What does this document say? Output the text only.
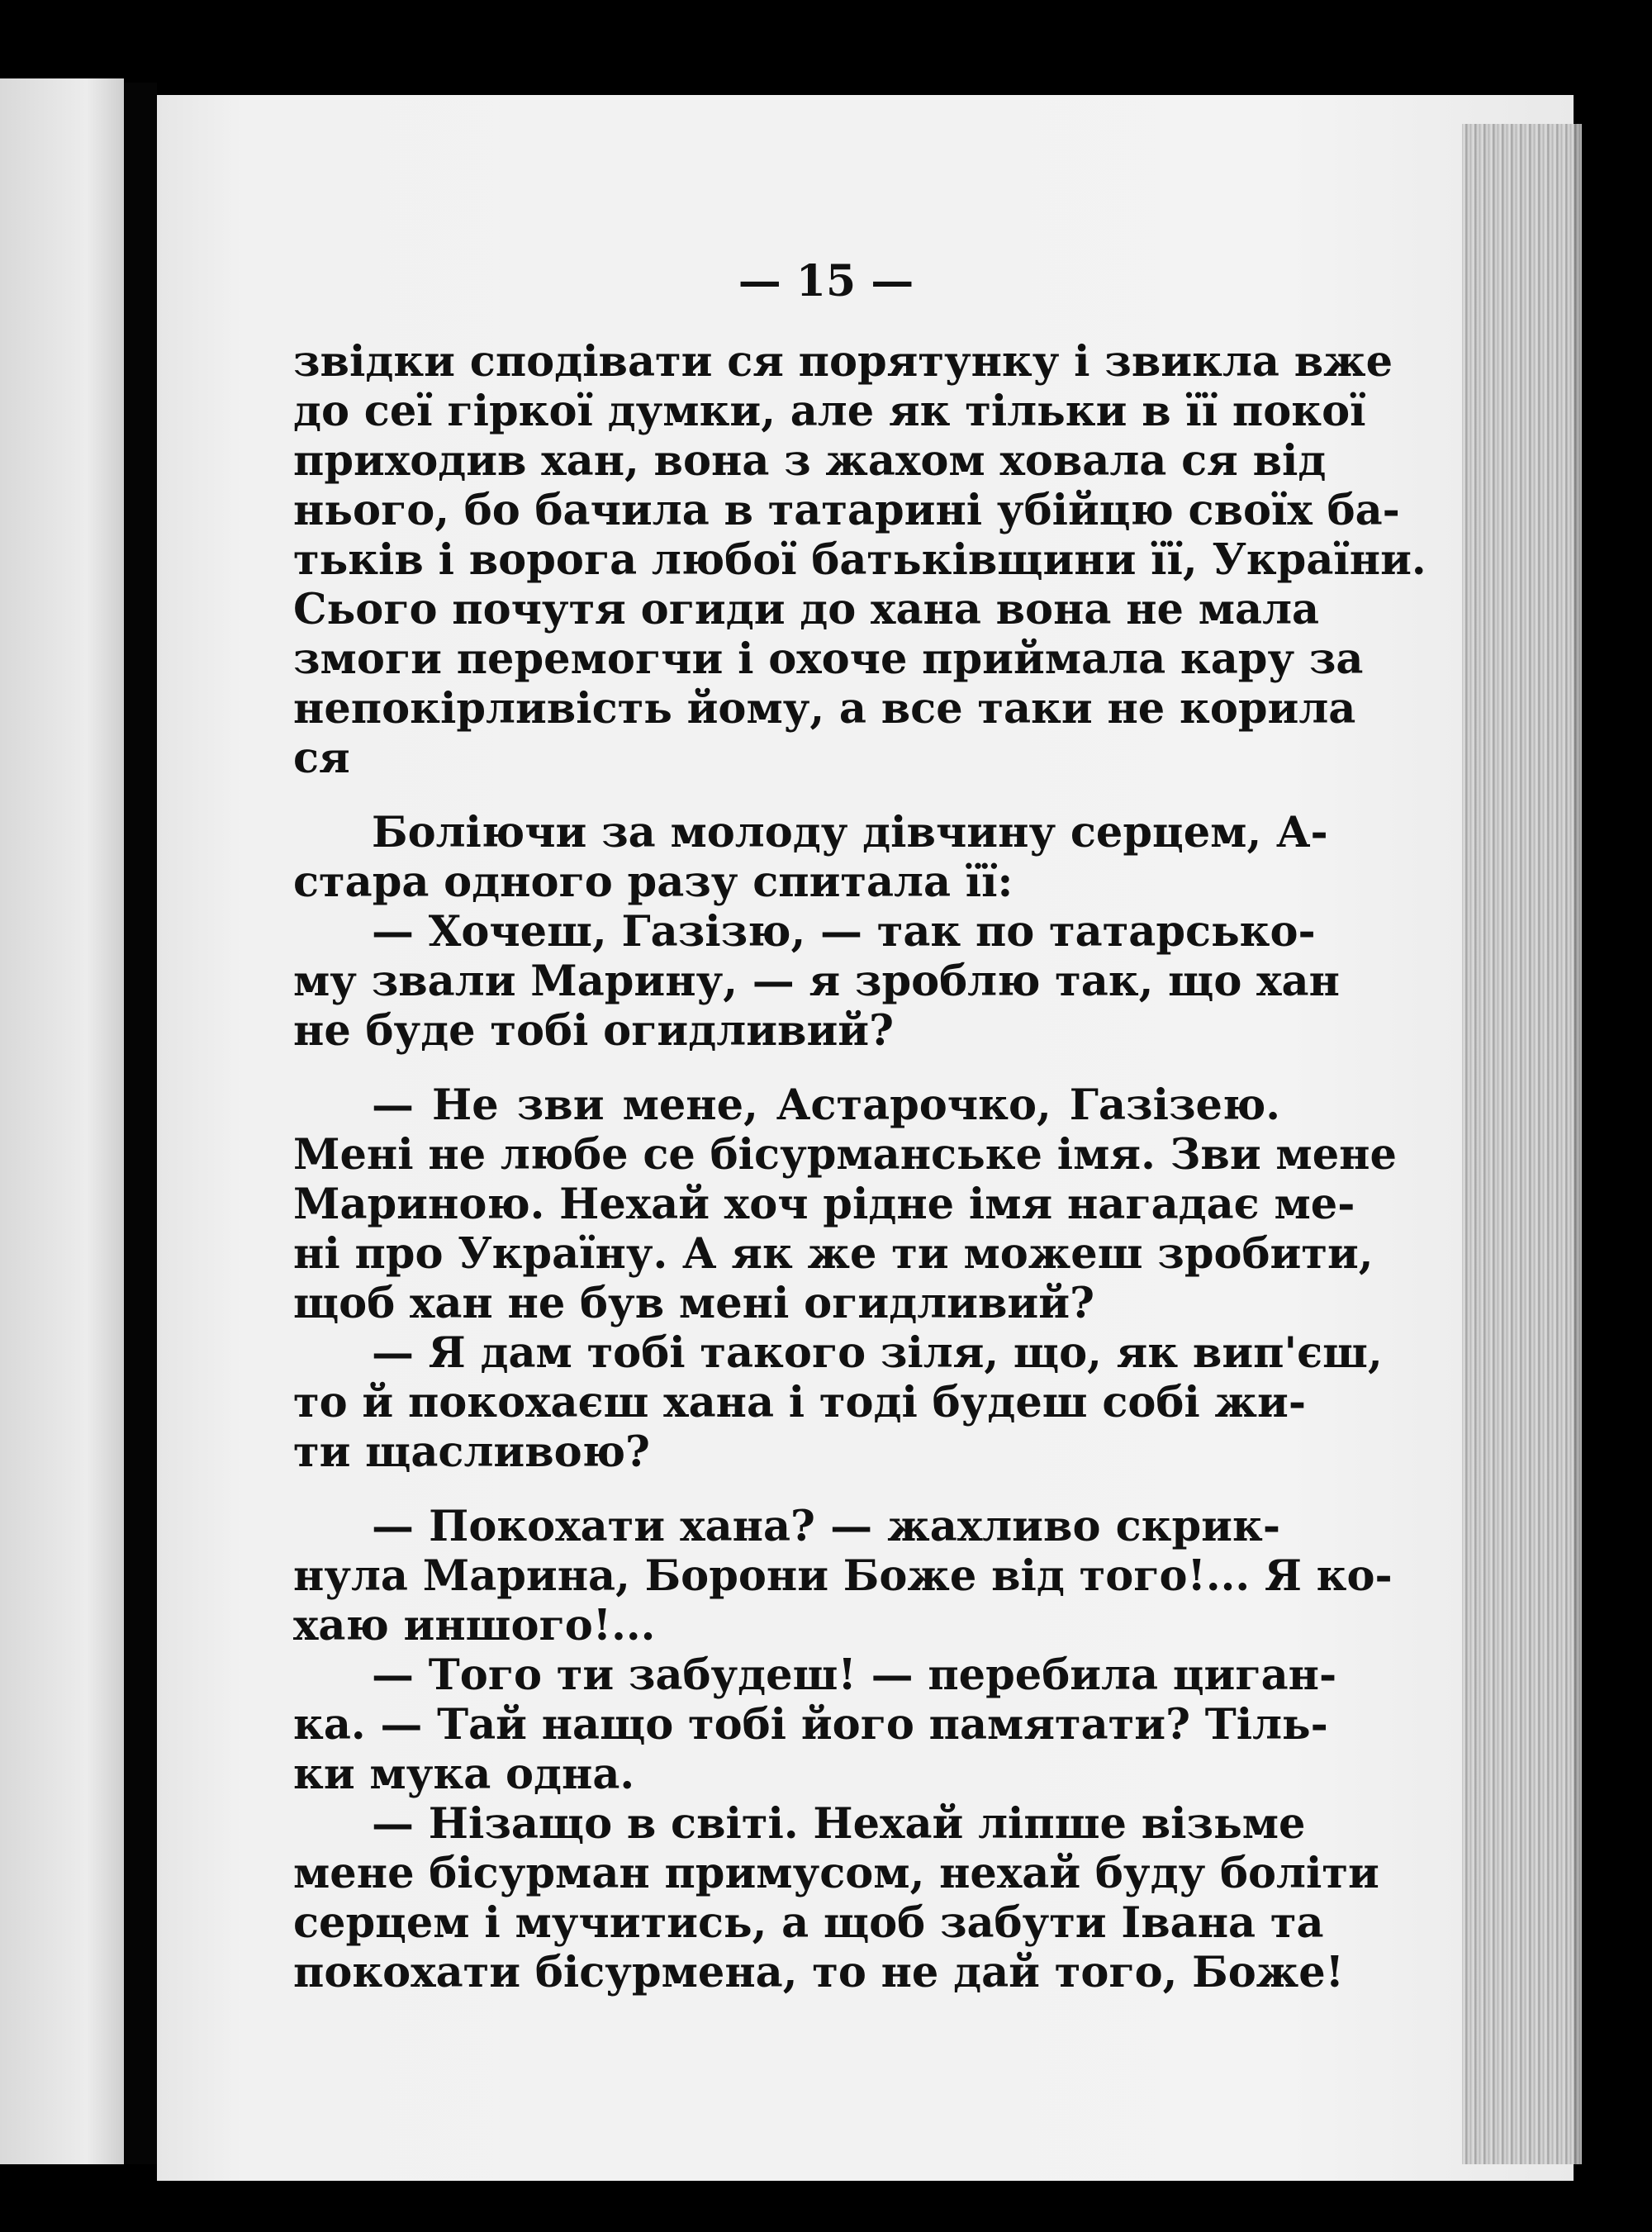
— 15 —
звідки сподівати ся порятунку і звикла вже
до сеї гіркої думки, але як тільки в її покої
приходив хан, вона з жахом ховала ся від
нього, бо бачила в татарині убійцю своїх ба-
тьків і ворога любої батьківщини її, України.
Сього почутя огиди до хана вона не мала
змоги перемогчи і охоче приймала кару за
непокірливість йому, а все таки не корила
ся
Боліючи за молоду дівчину серцем, А-
стара одного разу спитала її:
— Хочеш, Газізю, — так по татарсько-
му звали Марину, — я зроблю так, що хан
не буде тобі огидливий?
— Не зви мене, Астарочко, Газізею.
Мені не любе се бісурманське імя. Зви мене
Мариною. Нехай хоч рідне імя нагадає ме-
ні про Україну. А як же ти можеш зробити,
щоб хан не був мені огидливий?
— Я дам тобі такого зіля, що, як вип'єш,
то й покохаєш хана і тоді будеш собі жи-
ти щасливою?
— Покохати хана? — жахливо скрик-
нула Марина, Борони Боже від того!... Я ко-
хаю иншого!...
— Того ти забудеш! — перебила циган-
ка. — Тай нащо тобі його памятати? Тіль-
ки мука одна.
— Нізащо в світі. Нехай ліпше візьме
мене бісурман примусом, нехай буду боліти
серцем і мучитись, а щоб забути Івана та
покохати бісурмена, то не дай того, Боже!
